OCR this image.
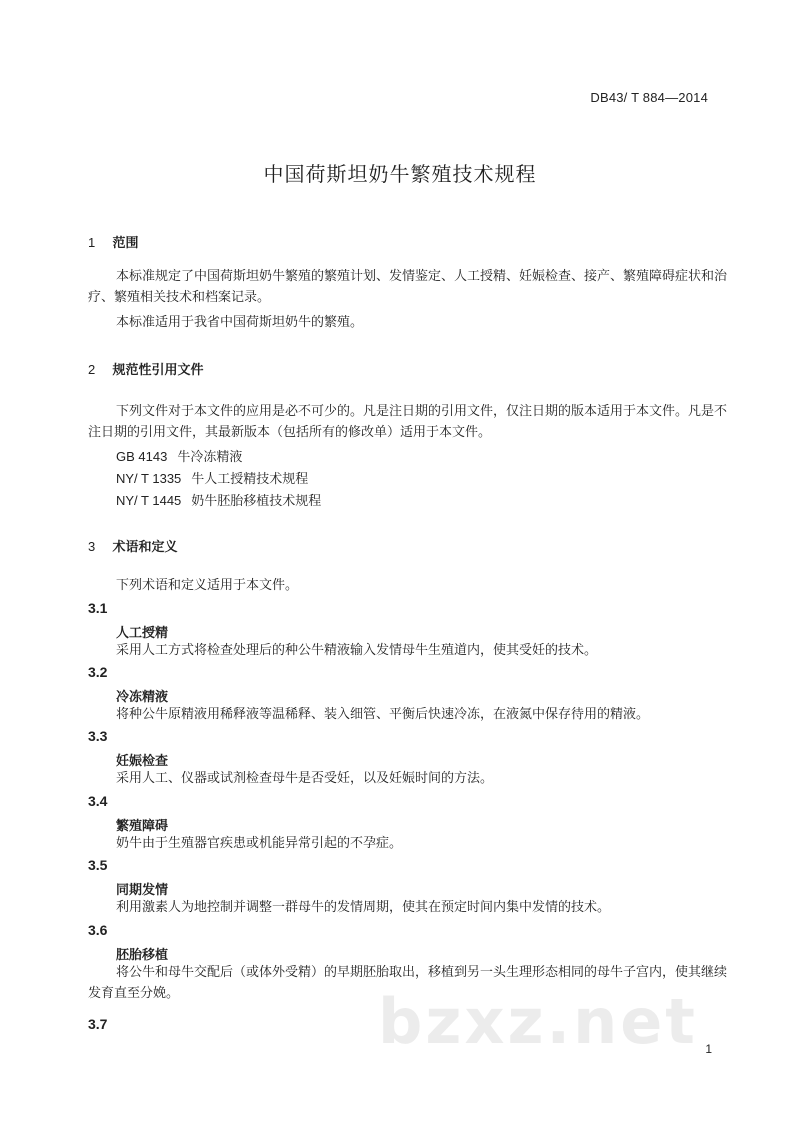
DB43/ T 884—2014
中国荷斯坦奶牛繁殖技术规程
1 范围
本标准规定了中国荷斯坦奶牛繁殖的繁殖计划、发情鉴定、人工授精、妊娠检查、接产、繁殖障碍症状和治疗、繁殖相关技术和档案记录。
本标准适用于我省中国荷斯坦奶牛的繁殖。
2 规范性引用文件
下列文件对于本文件的应用是必不可少的。凡是注日期的引用文件，仅注日期的版本适用于本文件。凡是不注日期的引用文件，其最新版本（包括所有的修改单）适用于本文件。
GB 4143 牛冷冻精液
NY/ T 1335 牛人工授精技术规程
NY/ T 1445 奶牛胚胎移植技术规程
3 术语和定义
下列术语和定义适用于本文件。
3.1
人工授精
采用人工方式将检查处理后的种公牛精液输入发情母牛生殖道内，使其受妊的技术。
3.2
冷冻精液
将种公牛原精液用稀释液等温稀释、装入细管、平衡后快速冷冻，在液氮中保存待用的精液。
3.3
妊娠检查
采用人工、仪器或试剂检查母牛是否受妊，以及妊娠时间的方法。
3.4
繁殖障碍
奶牛由于生殖器官疾患或机能异常引起的不孕症。
3.5
同期发情
利用激素人为地控制并调整一群母牛的发情周期，使其在预定时间内集中发情的技术。
3.6
胚胎移植
将公牛和母牛交配后（或体外受精）的早期胚胎取出，移植到另一头生理形态相同的母牛子宫内，使其继续发育直至分娩。
3.7	bzxz.net 1
